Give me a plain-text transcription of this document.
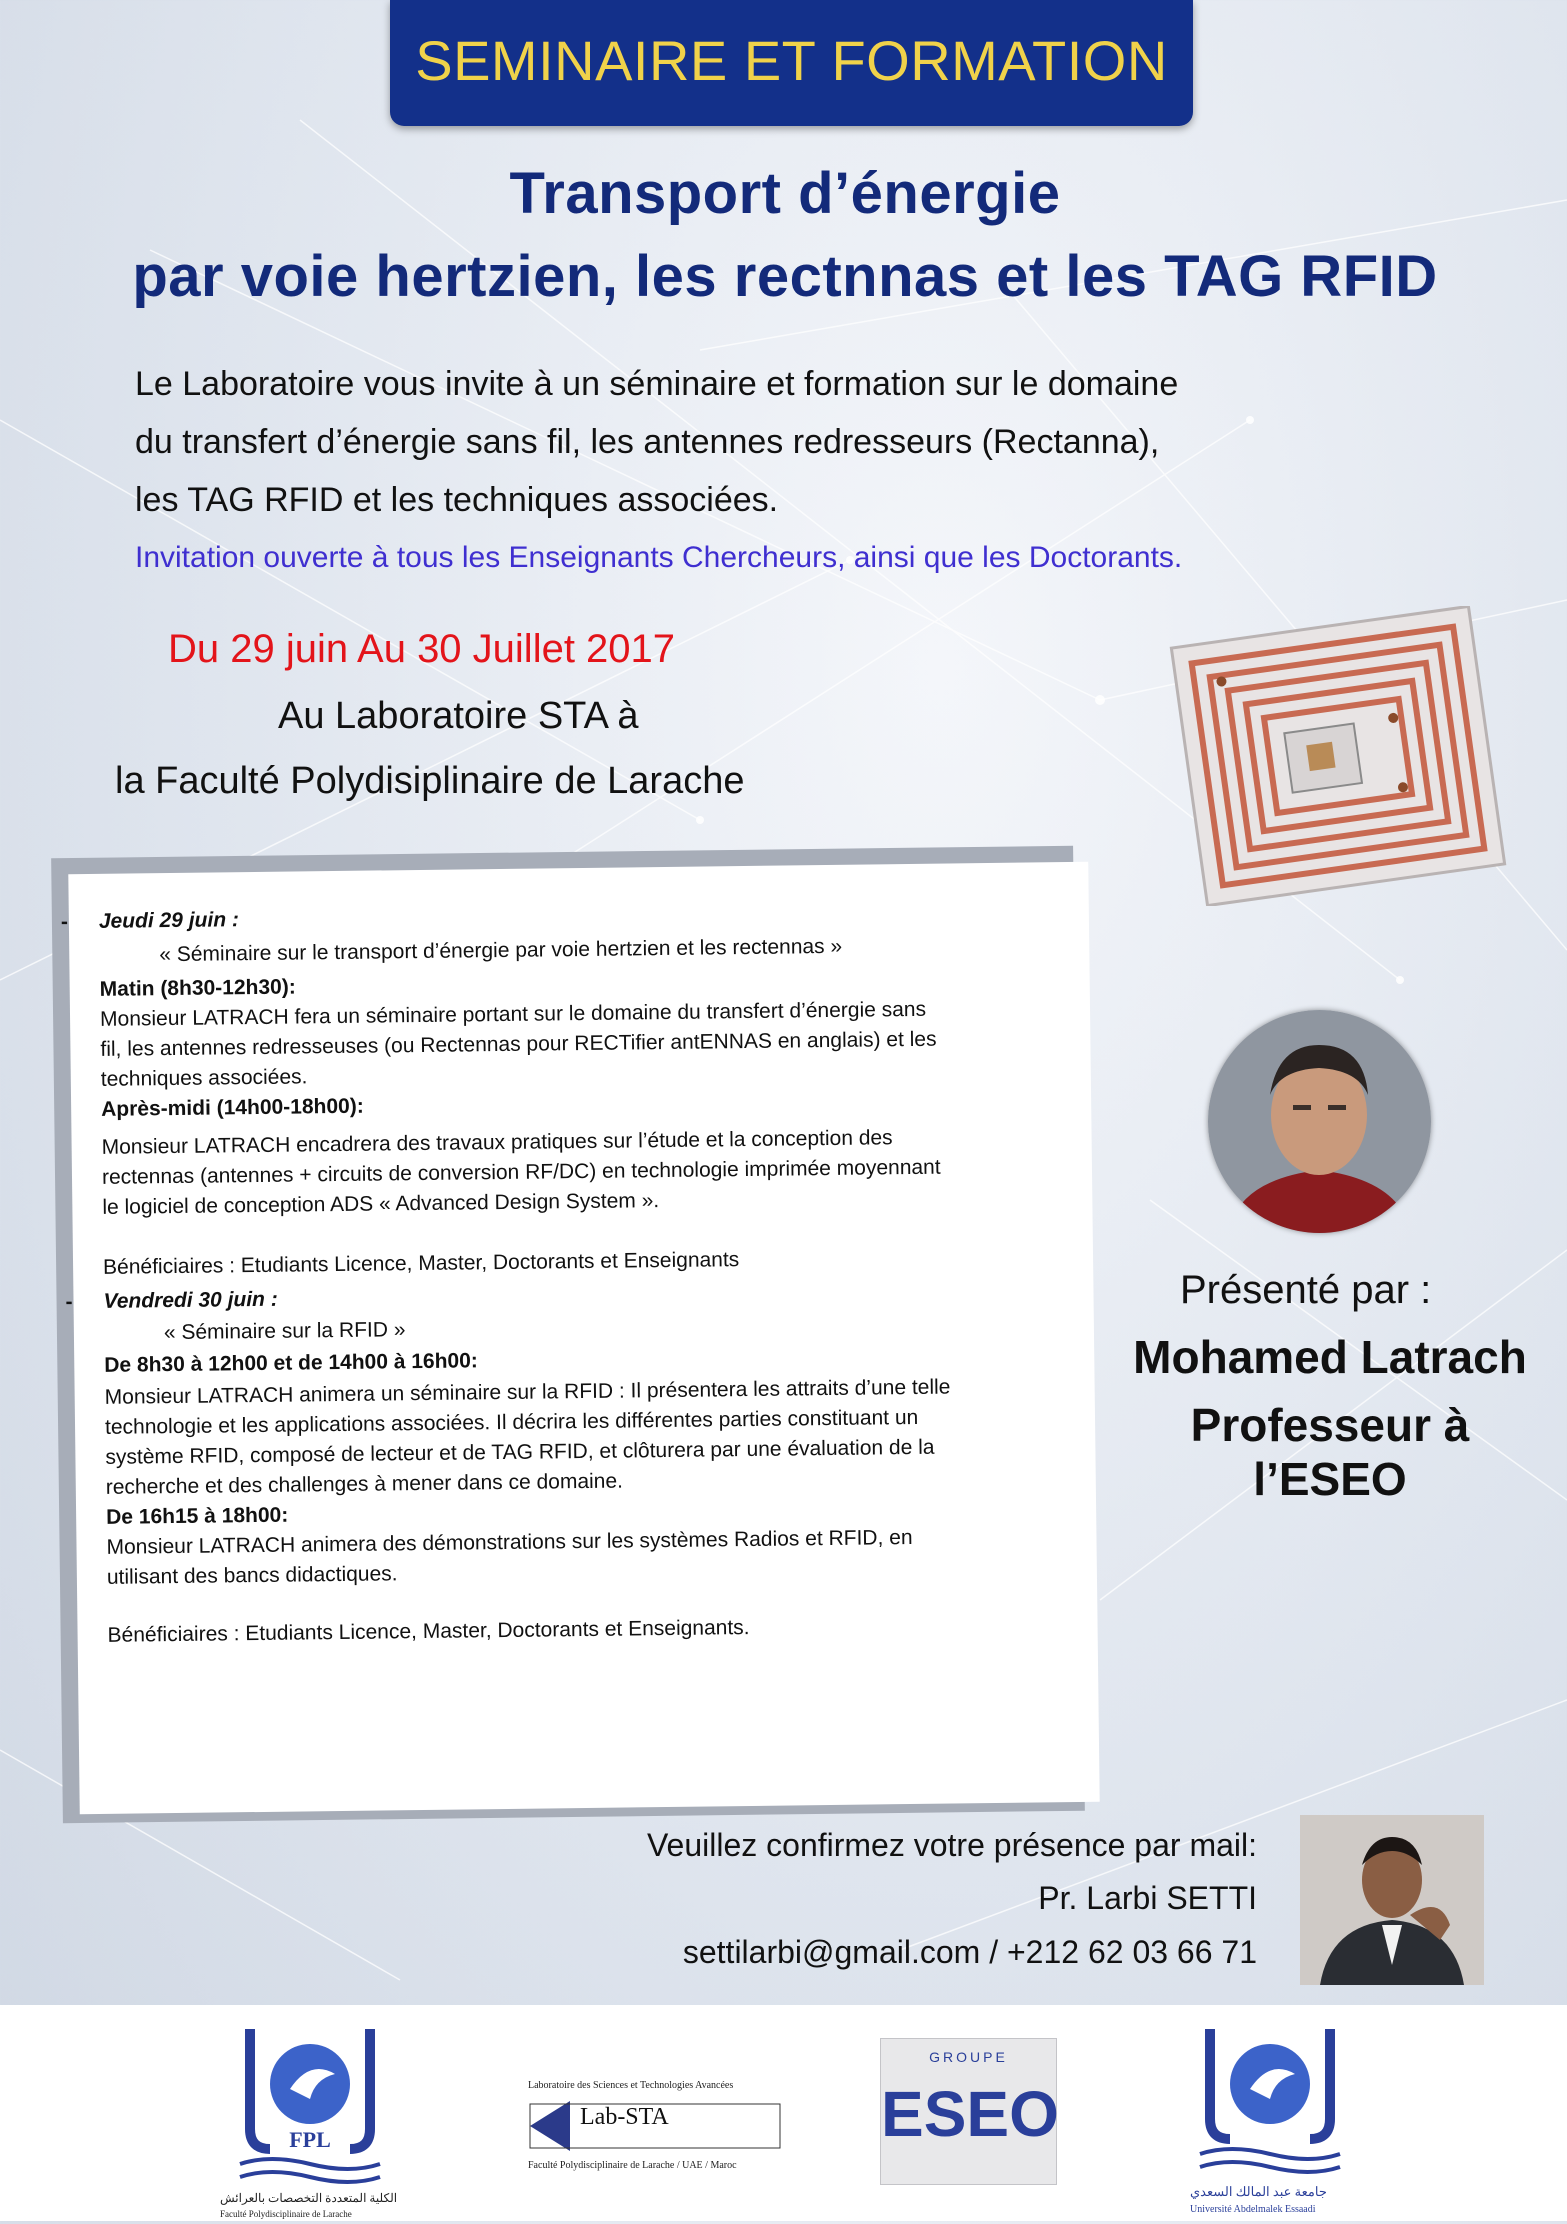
SEMINAIRE ET FORMATION
Transport d’énergie
par voie hertzien, les rectnnas et les TAG RFID
Le Laboratoire vous invite à un séminaire et formation sur le domaine
du transfert d’énergie sans fil, les antennes redresseurs (Rectanna),
les TAG RFID et les techniques associées.
Invitation ouverte à tous les Enseignants Chercheurs, ainsi que les Doctorants.
Du 29 juin Au 30 Juillet 2017
Au Laboratoire STA à
la Faculté Polydisiplinaire de Larache
- Jeudi 29 juin :
« Séminaire sur le transport d’énergie par voie hertzien et les rectennas »
Matin (8h30-12h30):
Monsieur LATRACH fera un séminaire portant sur le domaine du transfert d’énergie sans
fil, les antennes redresseuses (ou Rectennas pour RECTifier antENNAS en anglais) et les
techniques associées.
Après-midi (14h00-18h00):
Monsieur LATRACH encadrera des travaux pratiques sur l’étude et la conception des
rectennas (antennes + circuits de conversion RF/DC) en technologie imprimée moyennant
le logiciel de conception ADS « Advanced Design System ».
Bénéficiaires : Etudiants Licence, Master, Doctorants et Enseignants
- Vendredi 30 juin :
« Séminaire sur la RFID »
De 8h30 à 12h00 et de 14h00 à 16h00:
Monsieur LATRACH animera un séminaire sur la RFID : Il présentera les attraits d’une telle
technologie et les applications associées. Il décrira les différentes parties constituant un
système RFID, composé de lecteur et de TAG RFID, et clôturera par une évaluation de la
recherche et des challenges à mener dans ce domaine.
De 16h15 à 18h00:
Monsieur LATRACH animera des démonstrations sur les systèmes Radios et RFID, en
utilisant des bancs didactiques.
Bénéficiaires : Etudiants Licence, Master, Doctorants et Enseignants.
Présenté par :
Mohamed Latrach
Professeur à l’ESEO
Veuillez confirmez votre présence par mail:
Pr. Larbi SETTI
settilarbi@gmail.com / +212 62 03 66 71
FPL
الكلية المتعددة التخصصات بالعرائش
Faculté Polydisciplinaire de Larache
Laboratoire des Sciences et Technologies Avancées
Lab-STA
Faculté Polydisciplinaire de Larache / UAE / Maroc
GROUPE
ESEO
جامعة عبد المالك السعدي
Université Abdelmalek Essaadi
